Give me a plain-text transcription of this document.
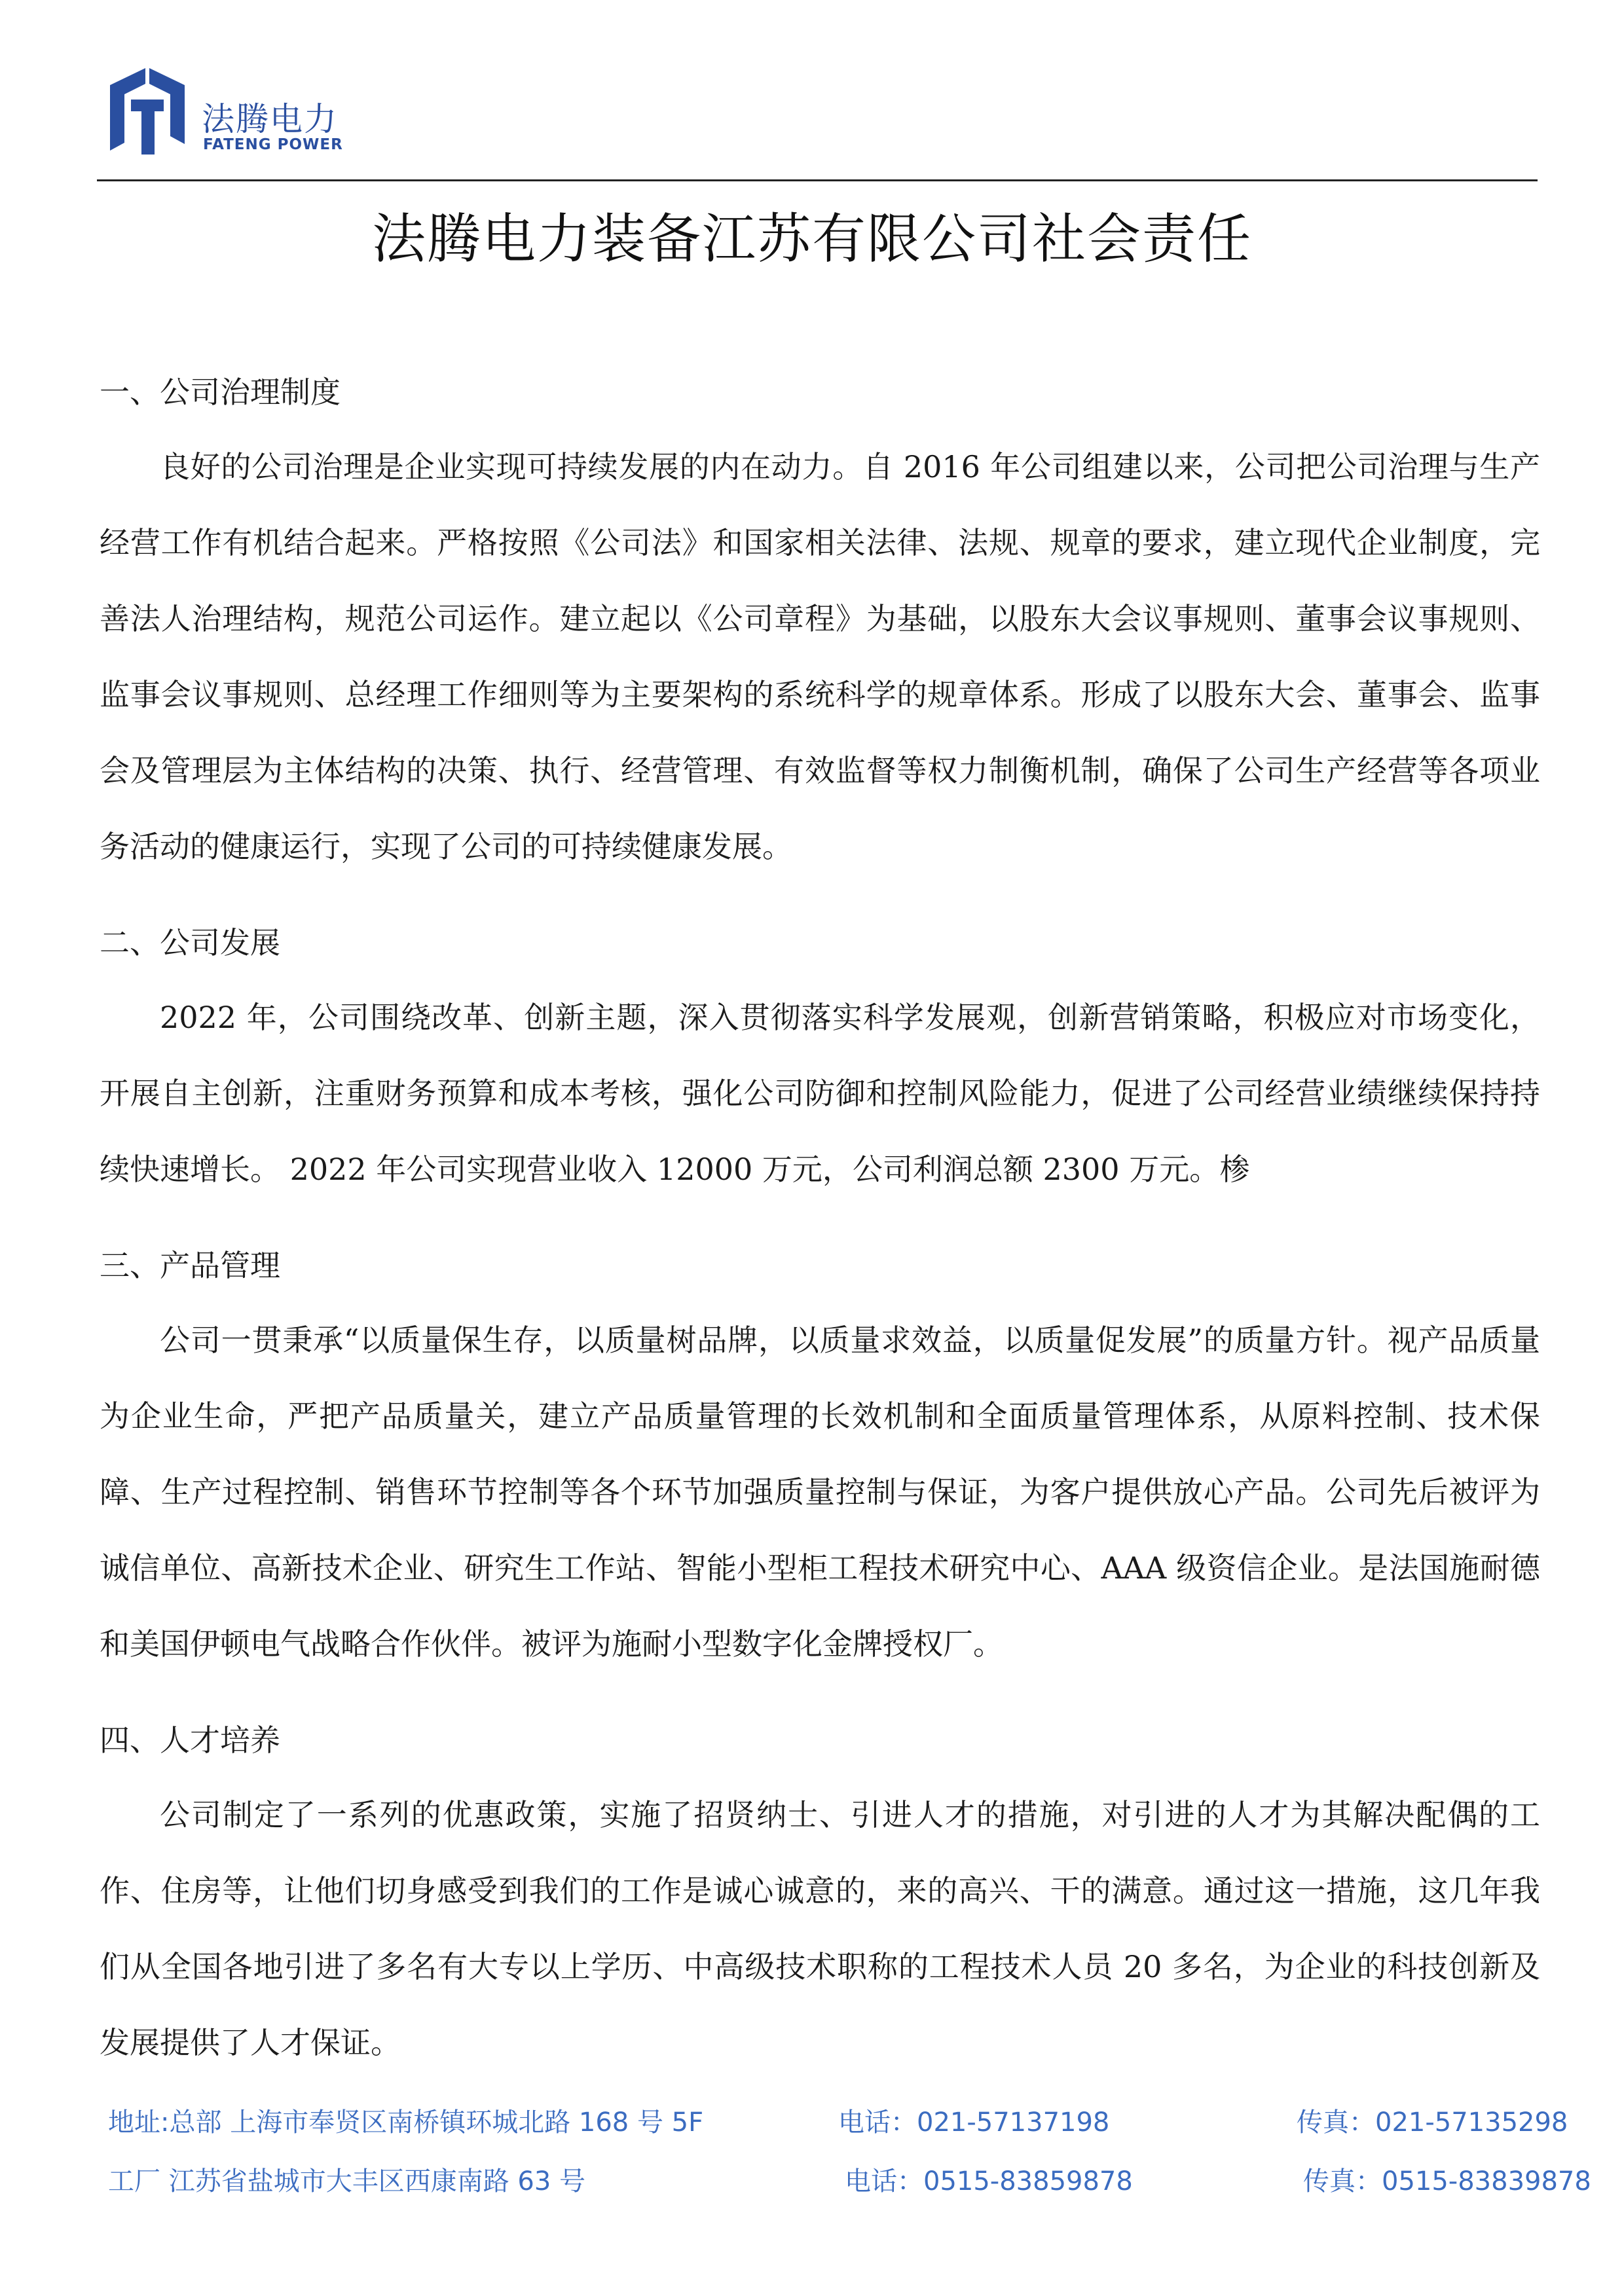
法腾电力
FATENG POWER
法腾电力装备江苏有限公司社会责任
一、公司治理制度
良好的公司治理是企业实现可持续发展的内在动力。自 2016 年公司组建以来，公司把公司治理与生产经营工作有机结合起来。严格按照《公司法》和国家相关法律、法规、规章的要求，建立现代企业制度，完善法人治理结构，规范公司运作。建立起以《公司章程》为基础，以股东大会议事规则、董事会议事规则、监事会议事规则、总经理工作细则等为主要架构的系统科学的规章体系。形成了以股东大会、董事会、监事会及管理层为主体结构的决策、执行、经营管理、有效监督等权力制衡机制，确保了公司生产经营等各项业务活动的健康运行，实现了公司的可持续健康发展。
二、公司发展
2022 年，公司围绕改革、创新主题，深入贯彻落实科学发展观，创新营销策略，积极应对市场变化，开展自主创新，注重财务预算和成本考核，强化公司防御和控制风险能力，促进了公司经营业绩继续保持持续快速增长。 2022 年公司实现营业收入 12000 万元，公司利润总额 2300 万元。椮
三、产品管理
公司一贯秉承“以质量保生存，以质量树品牌，以质量求效益，以质量促发展”的质量方针。视产品质量为企业生命，严把产品质量关，建立产品质量管理的长效机制和全面质量管理体系，从原料控制、技术保障、生产过程控制、销售环节控制等各个环节加强质量控制与保证，为客户提供放心产品。公司先后被评为诚信单位、高新技术企业、研究生工作站、智能小型柜工程技术研究中心、AAA 级资信企业。是法国施耐德和美国伊顿电气战略合作伙伴。被评为施耐小型数字化金牌授权厂。
四、人才培养
公司制定了一系列的优惠政策，实施了招贤纳士、引进人才的措施，对引进的人才为其解决配偶的工作、住房等，让他们切身感受到我们的工作是诚心诚意的，来的高兴、干的满意。通过这一措施，这几年我们从全国各地引进了多名有大专以上学历、中高级技术职称的工程技术人员 20 多名，为企业的科技创新及发展提供了人才保证。
地址:总部 上海市奉贤区南桥镇环城北路 168 号 5F	电话：021-57137198	传真：021-57135298
工厂 江苏省盐城市大丰区西康南路 63 号	电话：0515-83859878	传真：0515-83839878
